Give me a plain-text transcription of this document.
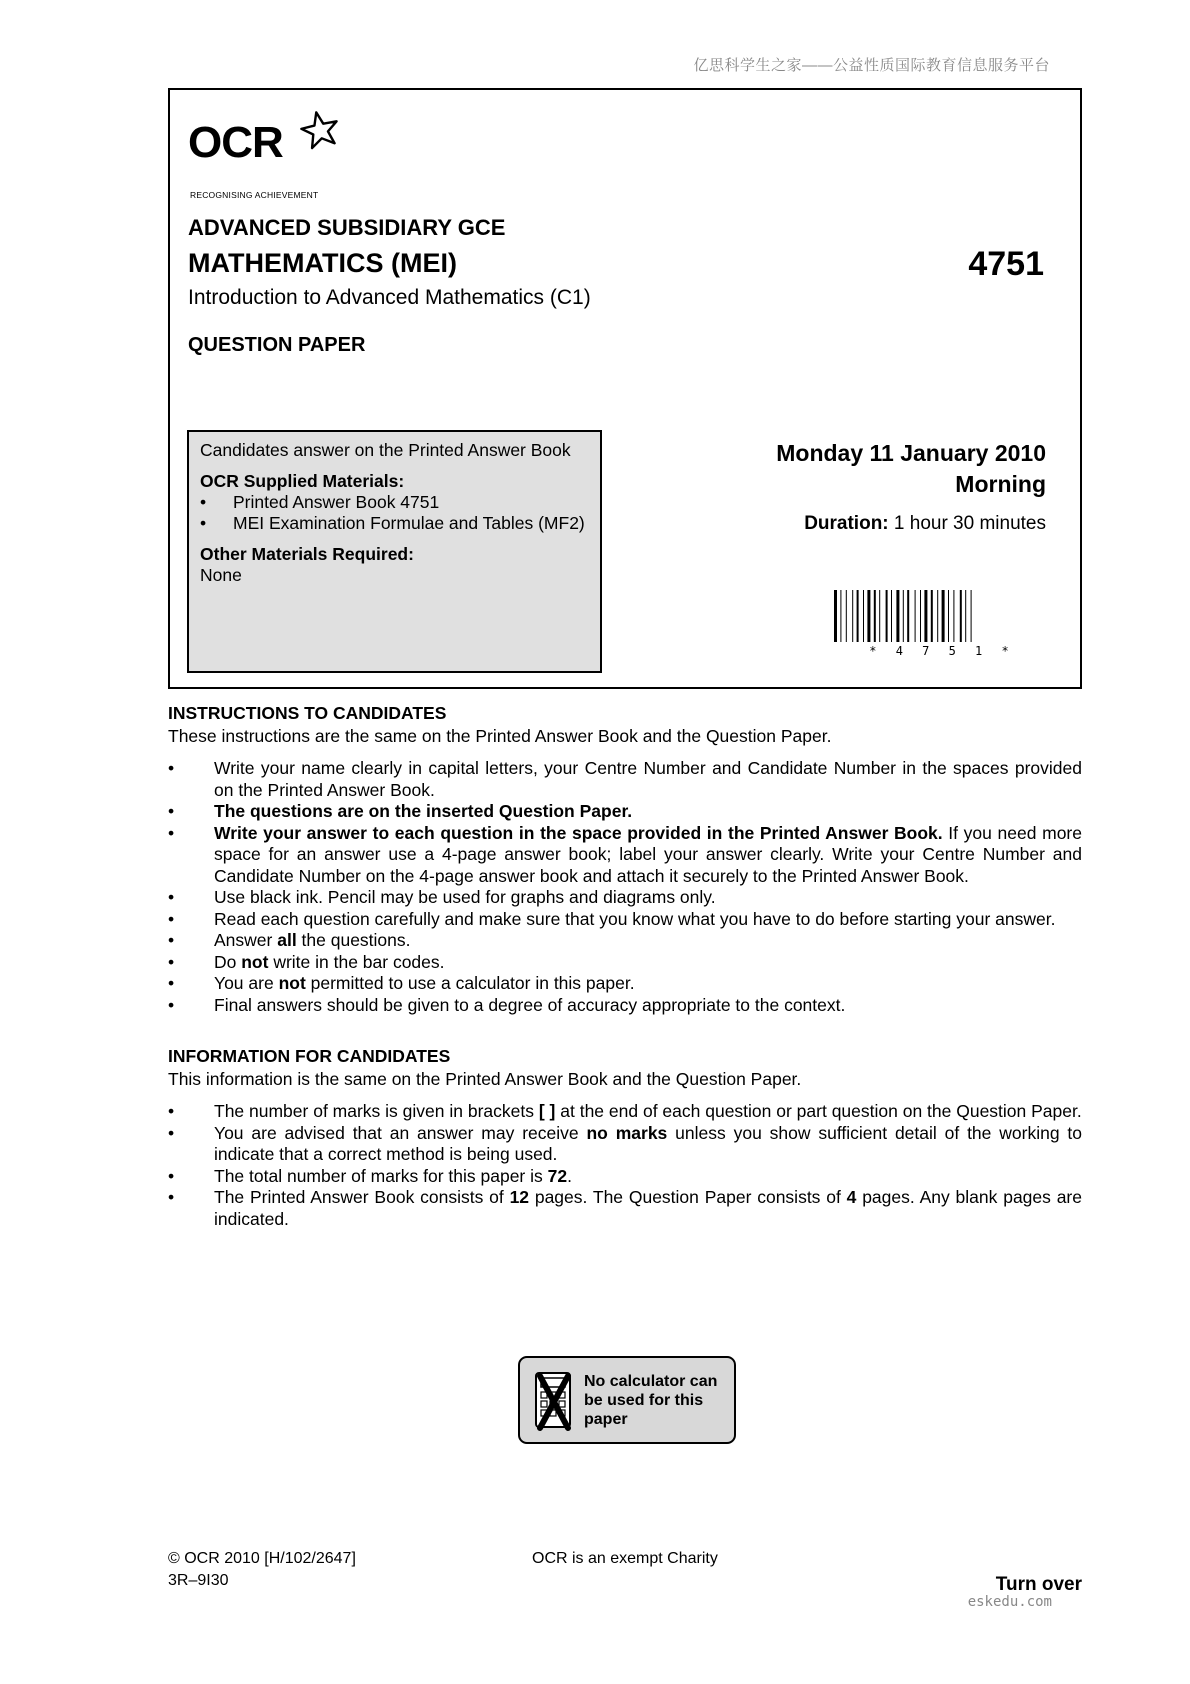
亿思科学生之家——公益性质国际教育信息服务平台
OCR
RECOGNISING ACHIEVEMENT
ADVANCED SUBSIDIARY GCE
MATHEMATICS (MEI)	4751
Introduction to Advanced Mathematics (C1)
QUESTION PAPER
Candidates answer on the Printed Answer Book
OCR Supplied Materials:
• Printed Answer Book 4751
• MEI Examination Formulae and Tables (MF2)
Other Materials Required:
None
Monday 11 January 2010
Morning
Duration: 1 hour 30 minutes
* 4 7 5 1 *
INSTRUCTIONS TO CANDIDATES
These instructions are the same on the Printed Answer Book and the Question Paper.
• Write your name clearly in capital letters, your Centre Number and Candidate Number in the spaces provided on the Printed Answer Book.
• The questions are on the inserted Question Paper.
• Write your answer to each question in the space provided in the Printed Answer Book. If you need more space for an answer use a 4-page answer book; label your answer clearly. Write your Centre Number and Candidate Number on the 4-page answer book and attach it securely to the Printed Answer Book.
• Use black ink. Pencil may be used for graphs and diagrams only.
• Read each question carefully and make sure that you know what you have to do before starting your answer.
• Answer all the questions.
• Do not write in the bar codes.
• You are not permitted to use a calculator in this paper.
• Final answers should be given to a degree of accuracy appropriate to the context.
INFORMATION FOR CANDIDATES
This information is the same on the Printed Answer Book and the Question Paper.
• The number of marks is given in brackets [ ] at the end of each question or part question on the Question Paper.
• You are advised that an answer may receive no marks unless you show sufficient detail of the working to indicate that a correct method is being used.
• The total number of marks for this paper is 72.
• The Printed Answer Book consists of 12 pages. The Question Paper consists of 4 pages. Any blank pages are indicated.
No calculator can
be used for this
paper
© OCR 2010 [H/102/2647]
3R–9I30
OCR is an exempt Charity
Turn over
eskedu.com
